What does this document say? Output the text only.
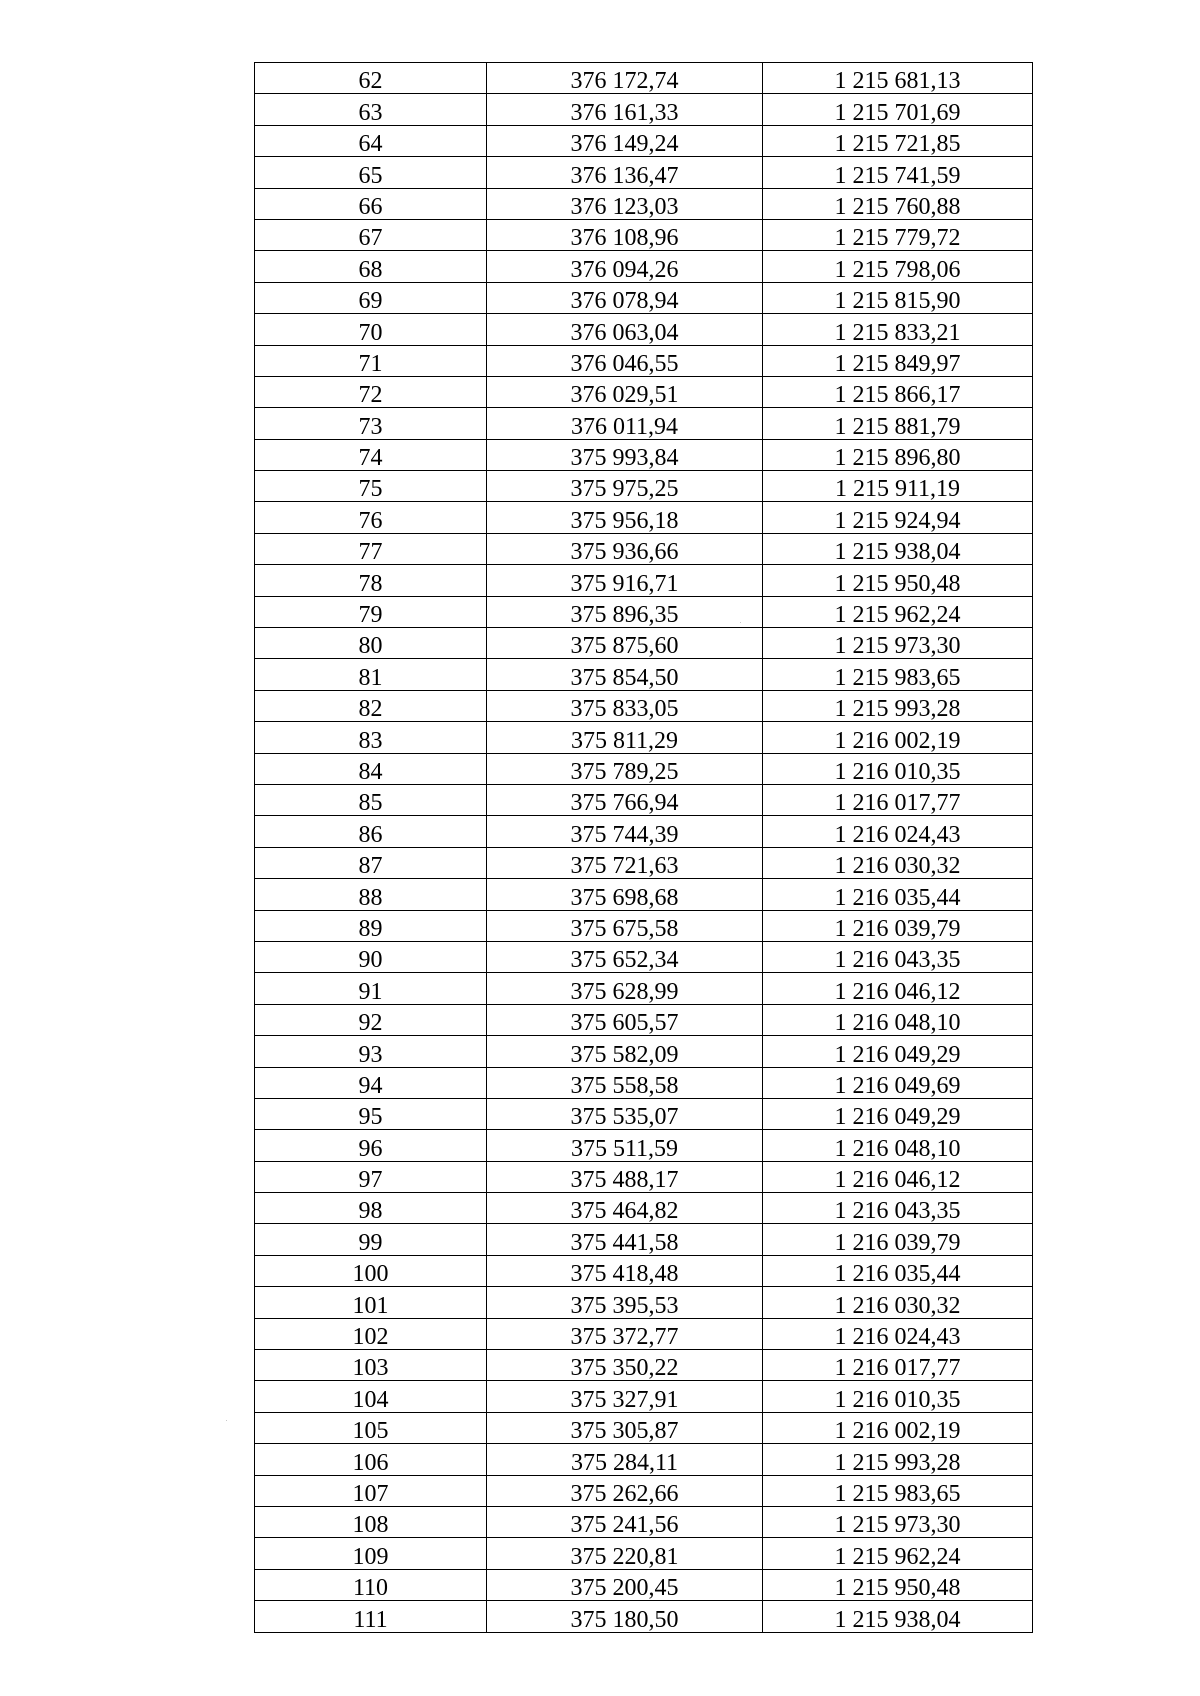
62	376 172,74	1 215 681,13
63	376 161,33	1 215 701,69
64	376 149,24	1 215 721,85
65	376 136,47	1 215 741,59
66	376 123,03	1 215 760,88
67	376 108,96	1 215 779,72
68	376 094,26	1 215 798,06
69	376 078,94	1 215 815,90
70	376 063,04	1 215 833,21
71	376 046,55	1 215 849,97
72	376 029,51	1 215 866,17
73	376 011,94	1 215 881,79
74	375 993,84	1 215 896,80
75	375 975,25	1 215 911,19
76	375 956,18	1 215 924,94
77	375 936,66	1 215 938,04
78	375 916,71	1 215 950,48
79	375 896,35	1 215 962,24
80	375 875,60	1 215 973,30
81	375 854,50	1 215 983,65
82	375 833,05	1 215 993,28
83	375 811,29	1 216 002,19
84	375 789,25	1 216 010,35
85	375 766,94	1 216 017,77
86	375 744,39	1 216 024,43
87	375 721,63	1 216 030,32
88	375 698,68	1 216 035,44
89	375 675,58	1 216 039,79
90	375 652,34	1 216 043,35
91	375 628,99	1 216 046,12
92	375 605,57	1 216 048,10
93	375 582,09	1 216 049,29
94	375 558,58	1 216 049,69
95	375 535,07	1 216 049,29
96	375 511,59	1 216 048,10
97	375 488,17	1 216 046,12
98	375 464,82	1 216 043,35
99	375 441,58	1 216 039,79
100	375 418,48	1 216 035,44
101	375 395,53	1 216 030,32
102	375 372,77	1 216 024,43
103	375 350,22	1 216 017,77
104	375 327,91	1 216 010,35
105	375 305,87	1 216 002,19
106	375 284,11	1 215 993,28
107	375 262,66	1 215 983,65
108	375 241,56	1 215 973,30
109	375 220,81	1 215 962,24
110	375 200,45	1 215 950,48
111	375 180,50	1 215 938,04
